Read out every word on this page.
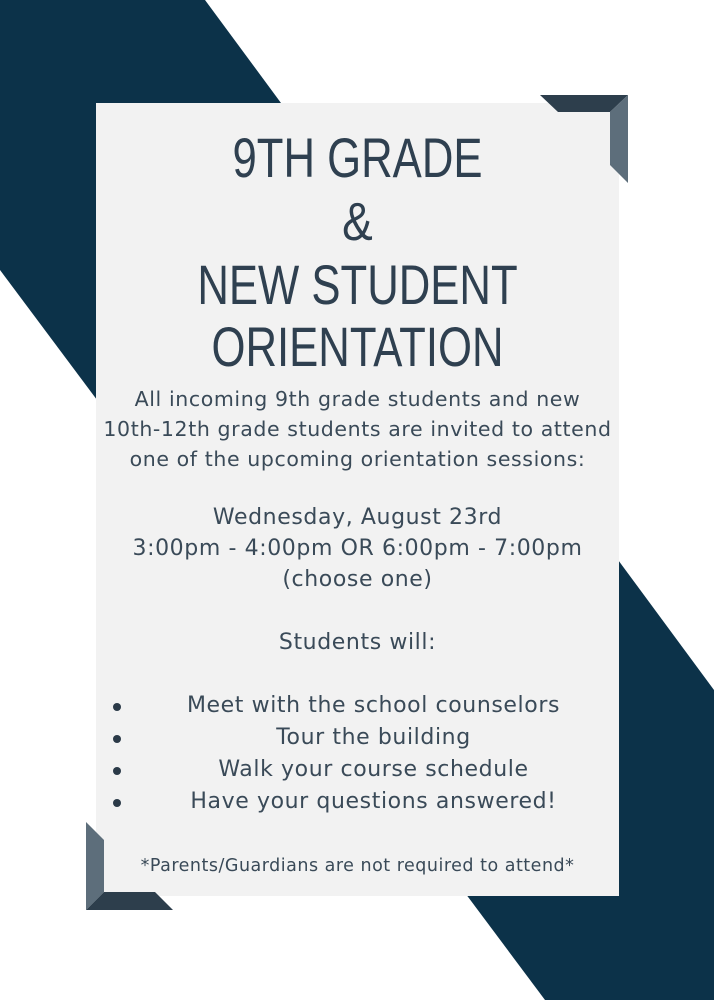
9TH GRADE
&
NEW STUDENT
ORIENTATION
All incoming 9th grade students and new
10th-12th grade students are invited to attend
one of the upcoming orientation sessions:
Wednesday, August 23rd
3:00pm - 4:00pm OR 6:00pm - 7:00pm
(choose one)
Students will:
Meet with the school counselors
Tour the building
Walk your course schedule
Have your questions answered!
*Parents/Guardians are not required to attend*
